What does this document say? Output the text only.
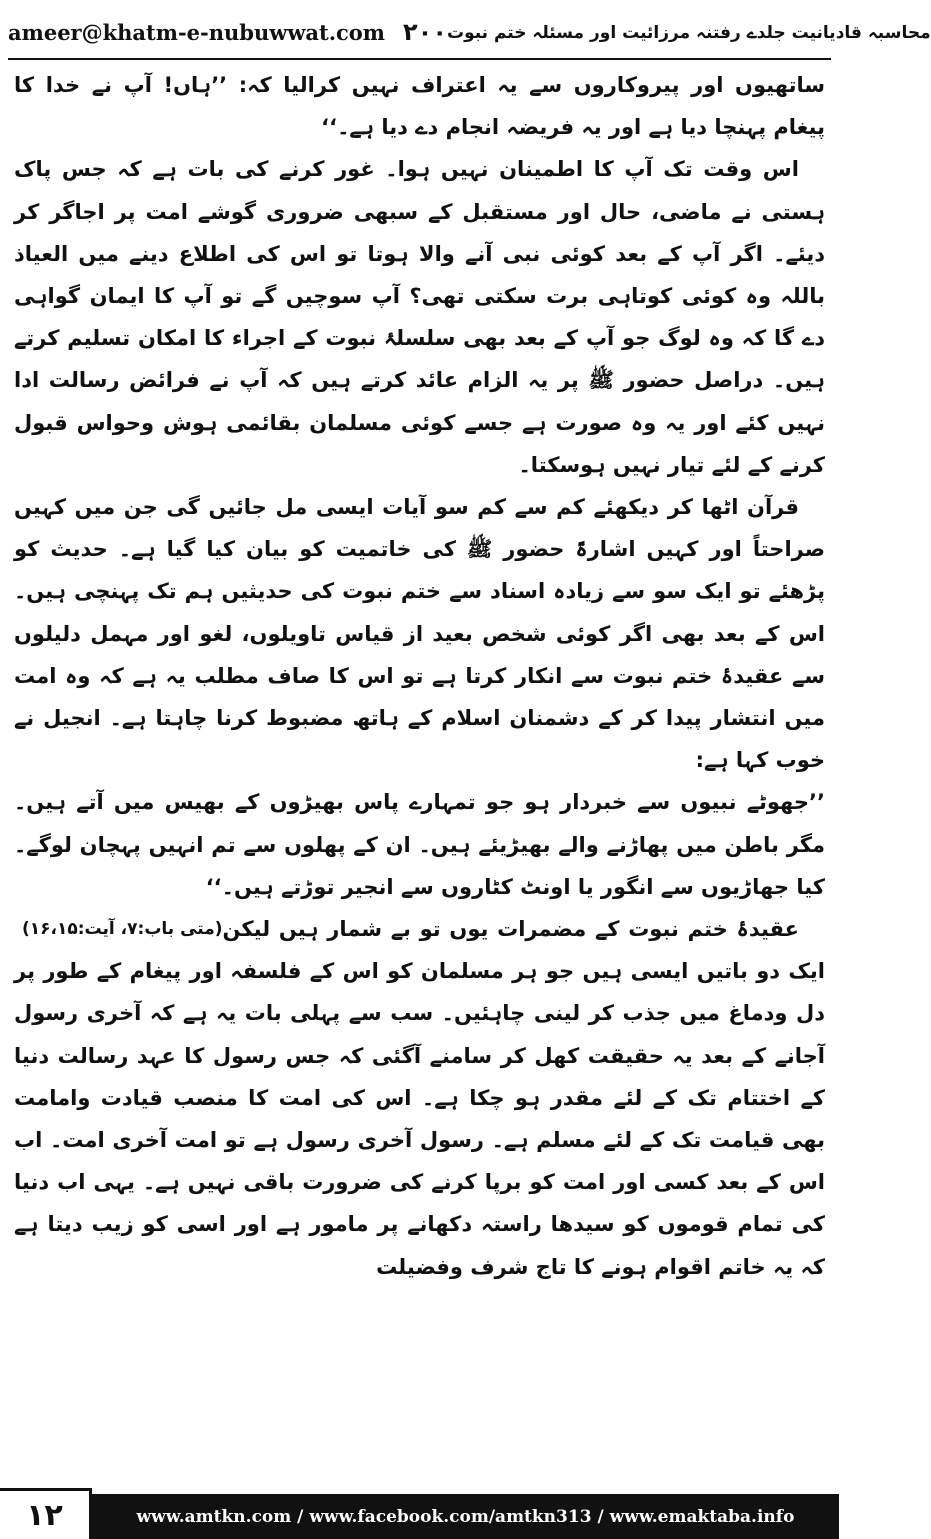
ameer@khatm-e-nubuwwat.com ۲۰۰ محاسبہ قادیانیت جلدے رفتنہ مرزائیت اور مسئلہ ختم نبوت

ساتھیوں اور پیروکاروں سے یہ اعتراف نہیں کرالیا کہ: ’’ہاں! آپ نے خدا کا پیغام پہنچا دیا ہے اور یہ فریضہ انجام دے دیا ہے۔‘‘

اس وقت تک آپ کا اطمینان نہیں ہوا۔ غور کرنے کی بات ہے کہ جس پاک ہستی نے ماضی، حال اور مستقبل کے سبھی ضروری گوشے امت پر اجاگر کر دیئے۔ اگر آپ کے بعد کوئی نبی آنے والا ہوتا تو اس کی اطلاع دینے میں العیاذ باللہ وہ کوئی کوتاہی برت سکتی تھی؟ آپ سوچیں گے تو آپ کا ایمان گواہی دے گا کہ وہ لوگ جو آپ کے بعد بھی سلسلۂ نبوت کے اجراء کا امکان تسلیم کرتے ہیں۔ دراصل حضور ﷺ پر یہ الزام عائد کرتے ہیں کہ آپ نے فرائض رسالت ادا نہیں کئے اور یہ وہ صورت ہے جسے کوئی مسلمان بقائمی ہوش وحواس قبول کرنے کے لئے تیار نہیں ہوسکتا۔

قرآن اٹھا کر دیکھئے کم سے کم سو آیات ایسی مل جائیں گی جن میں کہیں صراحتاً اور کہیں اشارۃً حضور ﷺ کی خاتمیت کو بیان کیا گیا ہے۔ حدیث کو پڑھئے تو ایک سو سے زیادہ اسناد سے ختم نبوت کی حدیثیں ہم تک پہنچی ہیں۔ اس کے بعد بھی اگر کوئی شخص بعید از قیاس تاویلوں، لغو اور مہمل دلیلوں سے عقیدۂ ختم نبوت سے انکار کرتا ہے تو اس کا صاف مطلب یہ ہے کہ وہ امت میں انتشار پیدا کر کے دشمنان اسلام کے ہاتھ مضبوط کرنا چاہتا ہے۔ انجیل نے خوب کہا ہے:

’’جھوٹے نبیوں سے خبردار ہو جو تمہارے پاس بھیڑوں کے بھیس میں آتے ہیں۔ مگر باطن میں پھاڑنے والے بھیڑیئے ہیں۔ ان کے پھلوں سے تم انہیں پہچان لوگے۔ کیا جھاڑیوں سے انگور یا اونٹ کٹاروں سے انجیر توڑتے ہیں۔‘‘
(متی باب:۷، آیت:۱۶،۱۵) عقیدۂ ختم نبوت کے مضمرات یوں تو بے شمار ہیں لیکن ایک دو باتیں ایسی ہیں جو ہر مسلمان کو اس کے فلسفہ اور پیغام کے طور پر دل ودماغ میں جذب کر لینی چاہئیں۔ سب سے پہلی بات یہ ہے کہ آخری رسول آجانے کے بعد یہ حقیقت کھل کر سامنے آگئی کہ جس رسول کا عہد رسالت دنیا کے اختتام تک کے لئے مقدر ہو چکا ہے۔ اس کی امت کا منصب قیادت وامامت بھی قیامت تک کے لئے مسلم ہے۔ رسول آخری رسول ہے تو امت آخری امت۔ اب اس کے بعد کسی اور امت کو برپا کرنے کی ضرورت باقی نہیں ہے۔ یہی اب دنیا کی تمام قوموں کو سیدھا راستہ دکھانے پر مامور ہے اور اسی کو زیب دیتا ہے کہ یہ خاتم اقوام ہونے کا تاج شرف وفضیلت

۱۲	www.amtkn.com / www.facebook.com/amtkn313 / www.emaktaba.info
